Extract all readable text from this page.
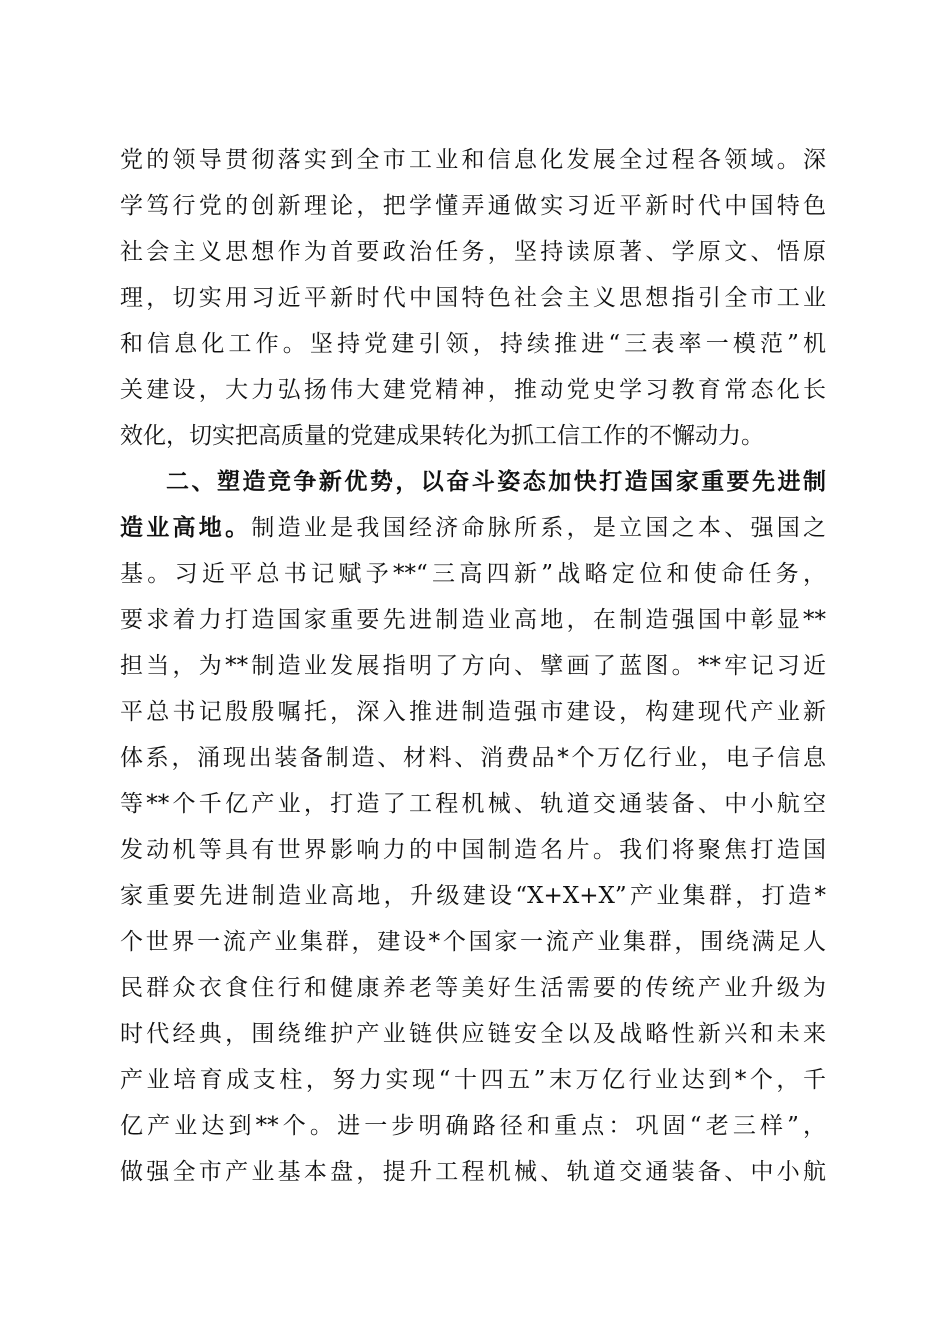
党的领导贯彻落实到全市工业和信息化发展全过程各领域。深
学笃行党的创新理论，把学懂弄通做实习近平新时代中国特色
社会主义思想作为首要政治任务，坚持读原著、学原文、悟原
理，切实用习近平新时代中国特色社会主义思想指引全市工业
和信息化工作。坚持党建引领，持续推进“三表率一模范”机
关建设，大力弘扬伟大建党精神，推动党史学习教育常态化长
效化，切实把高质量的党建成果转化为抓工信工作的不懈动力。
二、塑造竞争新优势，以奋斗姿态加快打造国家重要先进制
造业高地。制造业是我国经济命脉所系，是立国之本、强国之
基。习近平总书记赋予**“三高四新”战略定位和使命任务，
要求着力打造国家重要先进制造业高地，在制造强国中彰显**
担当，为**制造业发展指明了方向、擘画了蓝图。**牢记习近
平总书记殷殷嘱托，深入推进制造强市建设，构建现代产业新
体系，涌现出装备制造、材料、消费品*个万亿行业，电子信息
等**个千亿产业，打造了工程机械、轨道交通装备、中小航空
发动机等具有世界影响力的中国制造名片。我们将聚焦打造国
家重要先进制造业高地，升级建设“X+X+X”产业集群，打造*
个世界一流产业集群，建设*个国家一流产业集群，围绕满足人
民群众衣食住行和健康养老等美好生活需要的传统产业升级为
时代经典，围绕维护产业链供应链安全以及战略性新兴和未来
产业培育成支柱，努力实现“十四五”末万亿行业达到*个，千
亿产业达到**个。进一步明确路径和重点：巩固“老三样”，
做强全市产业基本盘，提升工程机械、轨道交通装备、中小航
